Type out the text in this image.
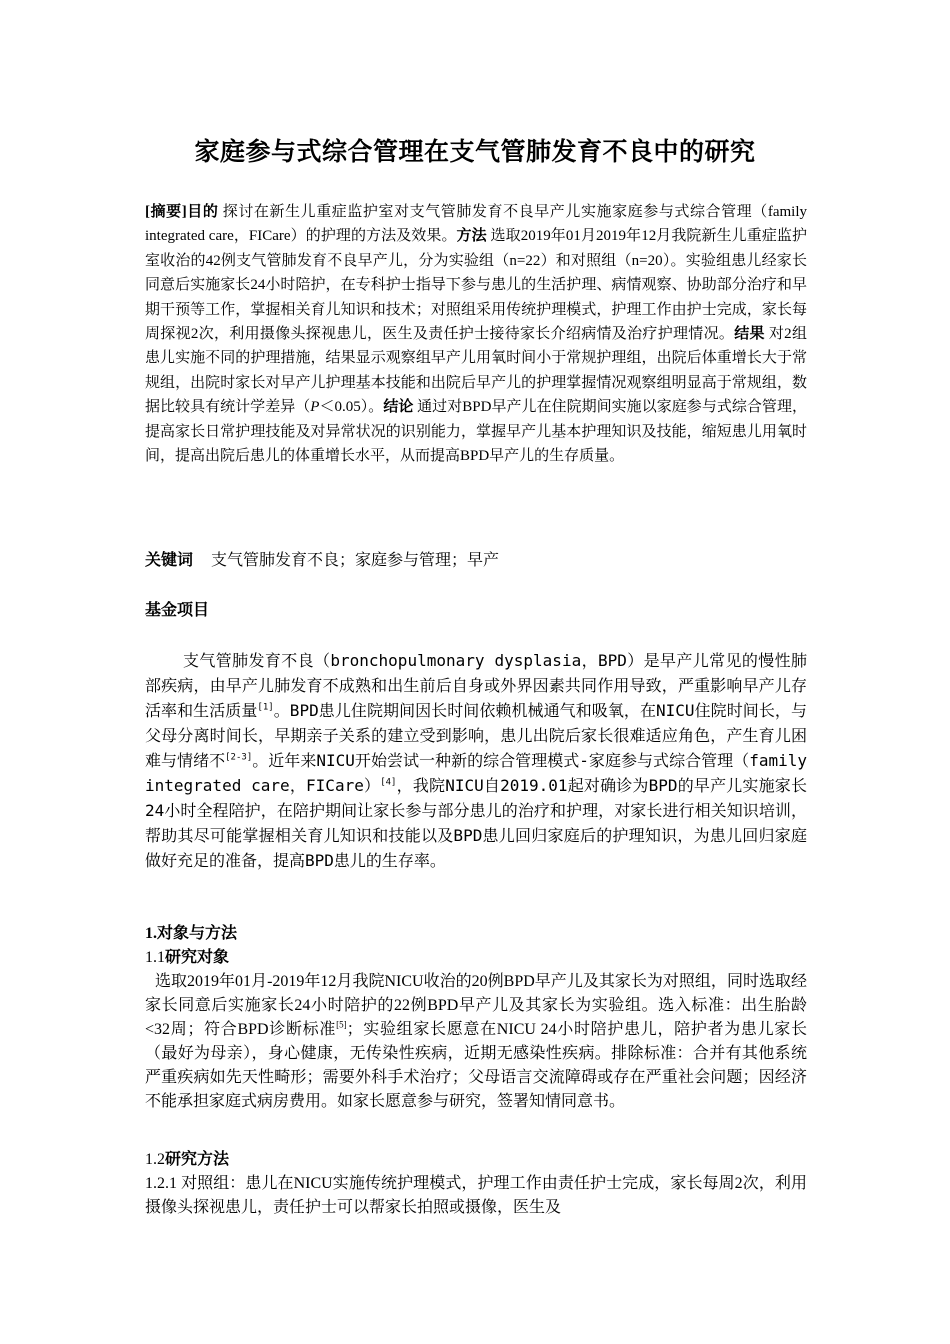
家庭参与式综合管理在支气管肺发育不良中的研究
[摘要]目的 探讨在新生儿重症监护室对支气管肺发育不良早产儿实施家庭参与式综合管理（family integrated care，FICare）的护理的方法及效果。方法 选取2019年01月2019年12月我院新生儿重症监护室收治的42例支气管肺发育不良早产儿，分为实验组（n=22）和对照组（n=20）。实验组患儿经家长同意后实施家长24小时陪护，在专科护士指导下参与患儿的生活护理、病情观察、协助部分治疗和早期干预等工作，掌握相关育儿知识和技术；对照组采用传统护理模式，护理工作由护士完成，家长每周探视2次，利用摄像头探视患儿，医生及责任护士接待家长介绍病情及治疗护理情况。结果 对2组患儿实施不同的护理措施，结果显示观察组早产儿用氧时间小于常规护理组，出院后体重增长大于常规组，出院时家长对早产儿护理基本技能和出院后早产儿的护理掌握情况观察组明显高于常规组，数据比较具有统计学差异（P＜0.05）。结论 通过对BPD早产儿在住院期间实施以家庭参与式综合管理，提高家长日常护理技能及对异常状况的识别能力，掌握早产儿基本护理知识及技能，缩短患儿用氧时间，提高出院后患儿的体重增长水平，从而提高BPD早产儿的生存质量。
关键词 支气管肺发育不良；家庭参与管理；早产
基金项目

支气管肺发育不良（bronchopulmonary dysplasia，BPD）是早产儿常见的慢性肺部疾病，由早产儿肺发育不成熟和出生前后自身或外界因素共同作用导致，严重影响早产儿存活率和生活质量[1]。BPD患儿住院期间因长时间依赖机械通气和吸氧，在NICU住院时间长，与父母分离时间长，早期亲子关系的建立受到影响，患儿出院后家长很难适应角色，产生育儿困难与情绪不[2-3]。近年来NICU开始尝试一种新的综合管理模式-家庭参与式综合管理（family integrated care，FICare）[4]，我院NICU自2019.01起对确诊为BPD的早产儿实施家长24小时全程陪护，在陪护期间让家长参与部分患儿的治疗和护理，对家长进行相关知识培训，帮助其尽可能掌握相关育儿知识和技能以及BPD患儿回归家庭后的护理知识，为患儿回归家庭做好充足的准备，提高BPD患儿的生存率。

1.对象与方法
1.1研究对象
选取2019年01月-2019年12月我院NICU收治的20例BPD早产儿及其家长为对照组，同时选取经家长同意后实施家长24小时陪护的22例BPD早产儿及其家长为实验组。选入标准：出生胎龄<32周；符合BPD诊断标准[5]；实验组家长愿意在NICU 24小时陪护患儿，陪护者为患儿家长（最好为母亲），身心健康，无传染性疾病，近期无感染性疾病。排除标准：合并有其他系统严重疾病如先天性畸形；需要外科手术治疗；父母语言交流障碍或存在严重社会问题；因经济不能承担家庭式病房费用。如家长愿意参与研究，签署知情同意书。
1.2研究方法
1.2.1 对照组：患儿在NICU实施传统护理模式，护理工作由责任护士完成，家长每周2次，利用摄像头探视患儿，责任护士可以帮家长拍照或摄像，医生及
